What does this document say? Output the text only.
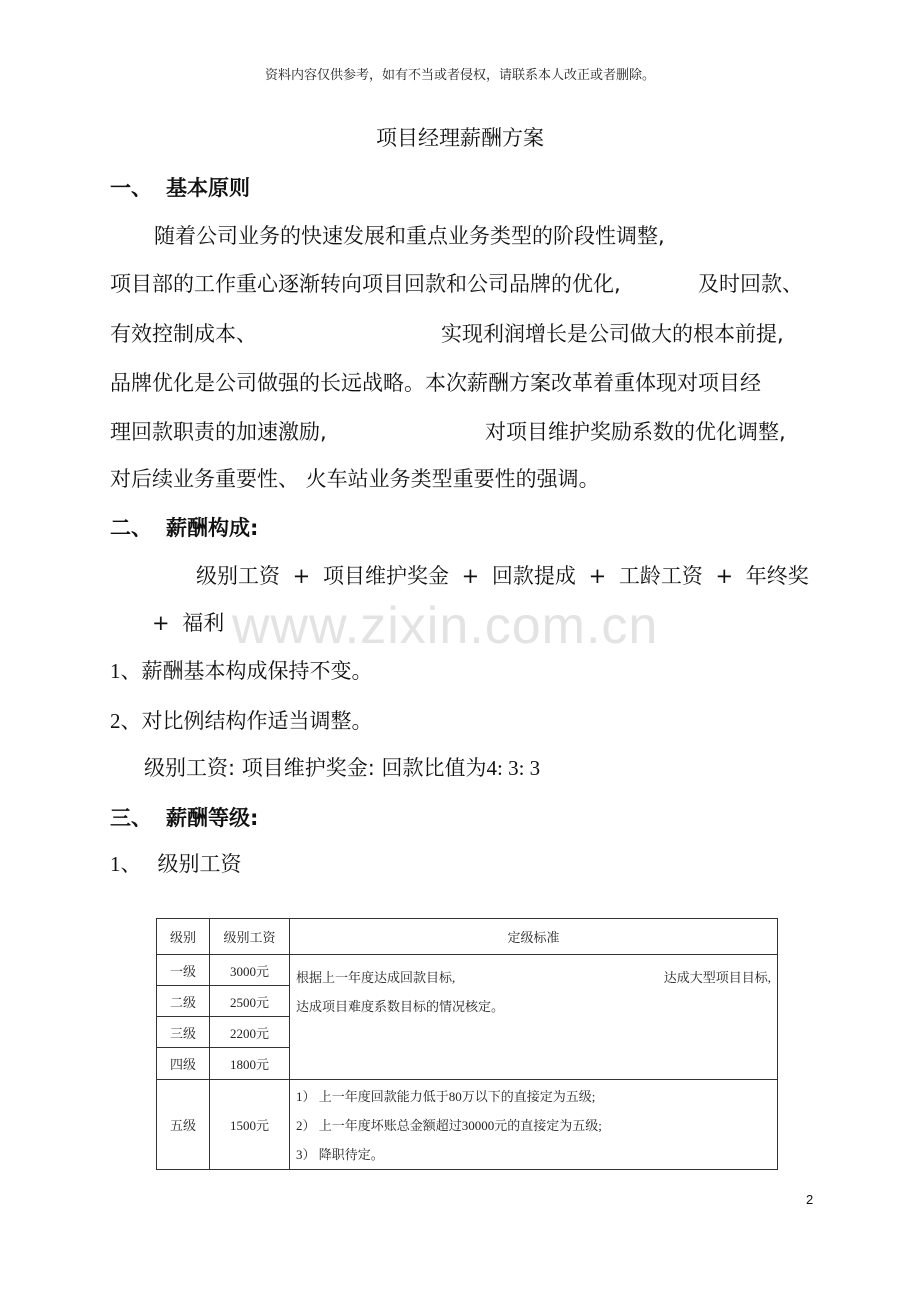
资料内容仅供参考，如有不当或者侵权，请联系本人改正或者删除。
项目经理薪酬方案
一、 基本原则
随着公司业务的快速发展和重点业务类型的阶段性调整,
项目部的工作重心逐渐转向项目回款和公司品牌的优化,	及时回款、
有效控制成本、	实现利润增长是公司做大的根本前提,
品牌优化是公司做强的长远战略。本次薪酬方案改革着重体现对项目经
理回款职责的加速激励,	对项目维护奖励系数的优化调整,
对后续业务重要性、 火车站业务类型重要性的强调。
二、 薪酬构成:
www.zixin.com.cn
级别工资 + 项目维护奖金 + 回款提成 + 工龄工资 + 年终奖
+ 福利
1、薪酬基本构成保持不变。
2、对比例结构作适当调整。
级别工资: 项目维护奖金: 回款比值为4: 3: 3
三、 薪酬等级:
1、 级别工资
级别	级别工资	定级标准
一级	3000元	根据上一年度达成回款目标, 达成大型项目目标,
达成项目难度系数目标的情况核定。

二级	2500元	
三级	2200元	
四级	1800元	
五级	1500元	1） 上一年度回款能力低于80万以下的直接定为五级;
2） 上一年度坏账总金额超过30000元的直接定为五级;
3） 降职待定。
2
